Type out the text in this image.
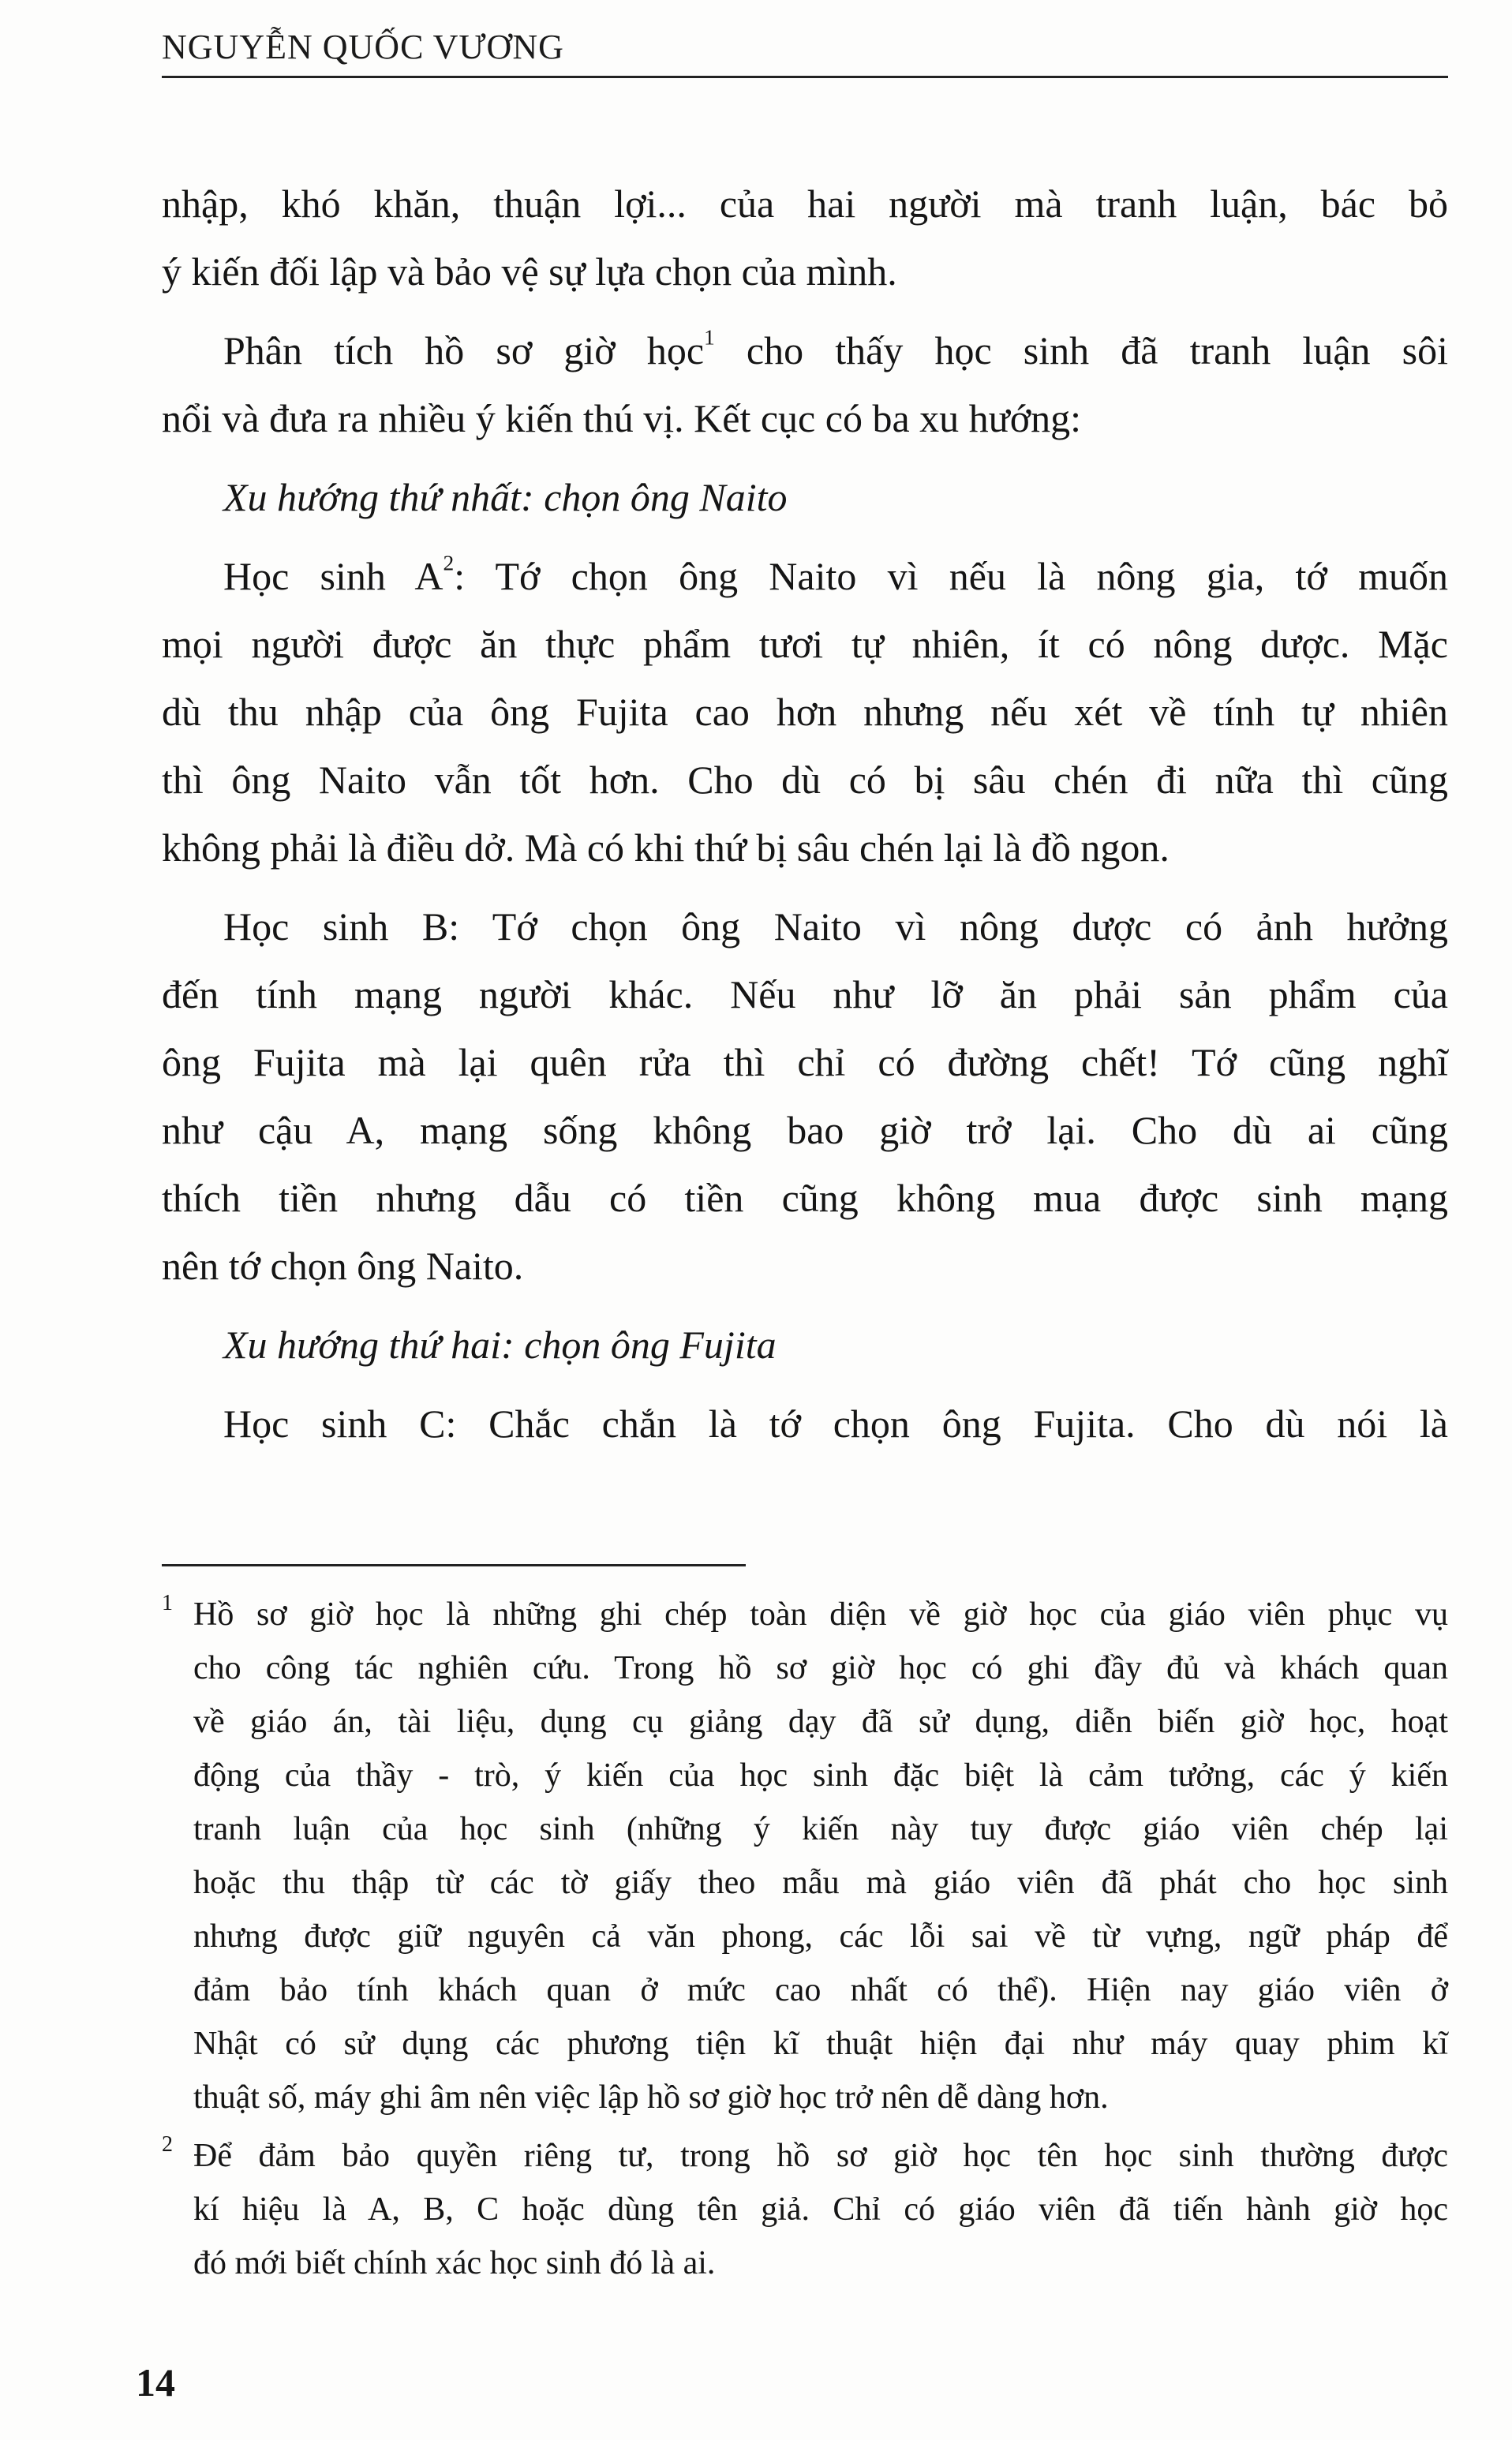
NGUYỄN QUỐC VƯƠNG

nhập, khó khăn, thuận lợi... của hai người mà tranh luận, bác bỏ

ý kiến đối lập và bảo vệ sự lựa chọn của mình.

Phân tích hồ sơ giờ học$^1$ cho thấy học sinh đã tranh luận sôi

nổi và đưa ra nhiều ý kiến thú vị. Kết cục có ba xu hướng:

Xu hướng thứ nhất: chọn ông Naito

Học $\sinh A^2$: Tớ chọn ông Naito vì nếu là nông gia, tớ muốn

mọi người được ăn thực phẩm tươi tự nhiên, ít có nông dược. Mặc

dù thu nhập của ông Fujita cao hơn nhưng nếu xét về tính tự nhiên

thì ông Naito vẫn tốt hơn. Cho dù có bị sâu chén đi nữa thì cũng

không phải là điều dở. Mà có khi thứ bị sâu chén lại là đồ ngon.

Học sinh B: Tớ chọn ông Naito vì nông dược có ảnh hưởng

đến tính mạng người khác. Nếu như lỡ ăn phải sản phẩm của

ông Fujita mà lại quên rửa thì chỉ có đường chết! Tớ cũng nghĩ

như cậu A, mạng sống không bao giờ trở lại. Cho dù ai cũng

thích tiền nhưng dẫu có tiền cũng không mua được sinh mạng

nên tớ chọn ông Naito.

Xu hướng thứ hai: chọn ông Fujita

Học sinh C: Chắc chắn là tớ chọn ông Fujita. Cho dù nói là

1 Hồ sơ giờ học là những ghi chép toàn diện về giờ học của giáo viên phục vụ
cho công tác nghiên cứu. Trong hồ sơ giờ học có ghi đầy đủ và khách quan
về giáo án, tài liệu, dụng cụ giảng dạy đã sử dụng, diễn biến giờ học, hoạt
động của thầy - trò, ý kiến của học sinh đặc biệt là cảm tưởng, các ý kiến
tranh luận của học sinh (những ý kiến này tuy được giáo viên chép lại
hoặc thu thập từ các tờ giấy theo mẫu mà giáo viên đã phát cho học sinh
nhưng được giữ nguyên cả văn phong, các lỗi sai về từ vựng, ngữ pháp để
đảm bảo tính khách quan ở mức cao nhất có thể). Hiện nay giáo viên ở
Nhật có sử dụng các phương tiện kĩ thuật hiện đại như máy quay phim kĩ
thuật số, máy ghi âm nên việc lập hồ sơ giờ học trở nên dễ dàng hơn.
2 Để đảm bảo quyền riêng tư, trong hồ sơ giờ học tên học sinh thường được
kí hiệu là A, B, C hoặc dùng tên giả. Chỉ có giáo viên đã tiến hành giờ học
đó mới biết chính xác học sinh đó là ai.
14
